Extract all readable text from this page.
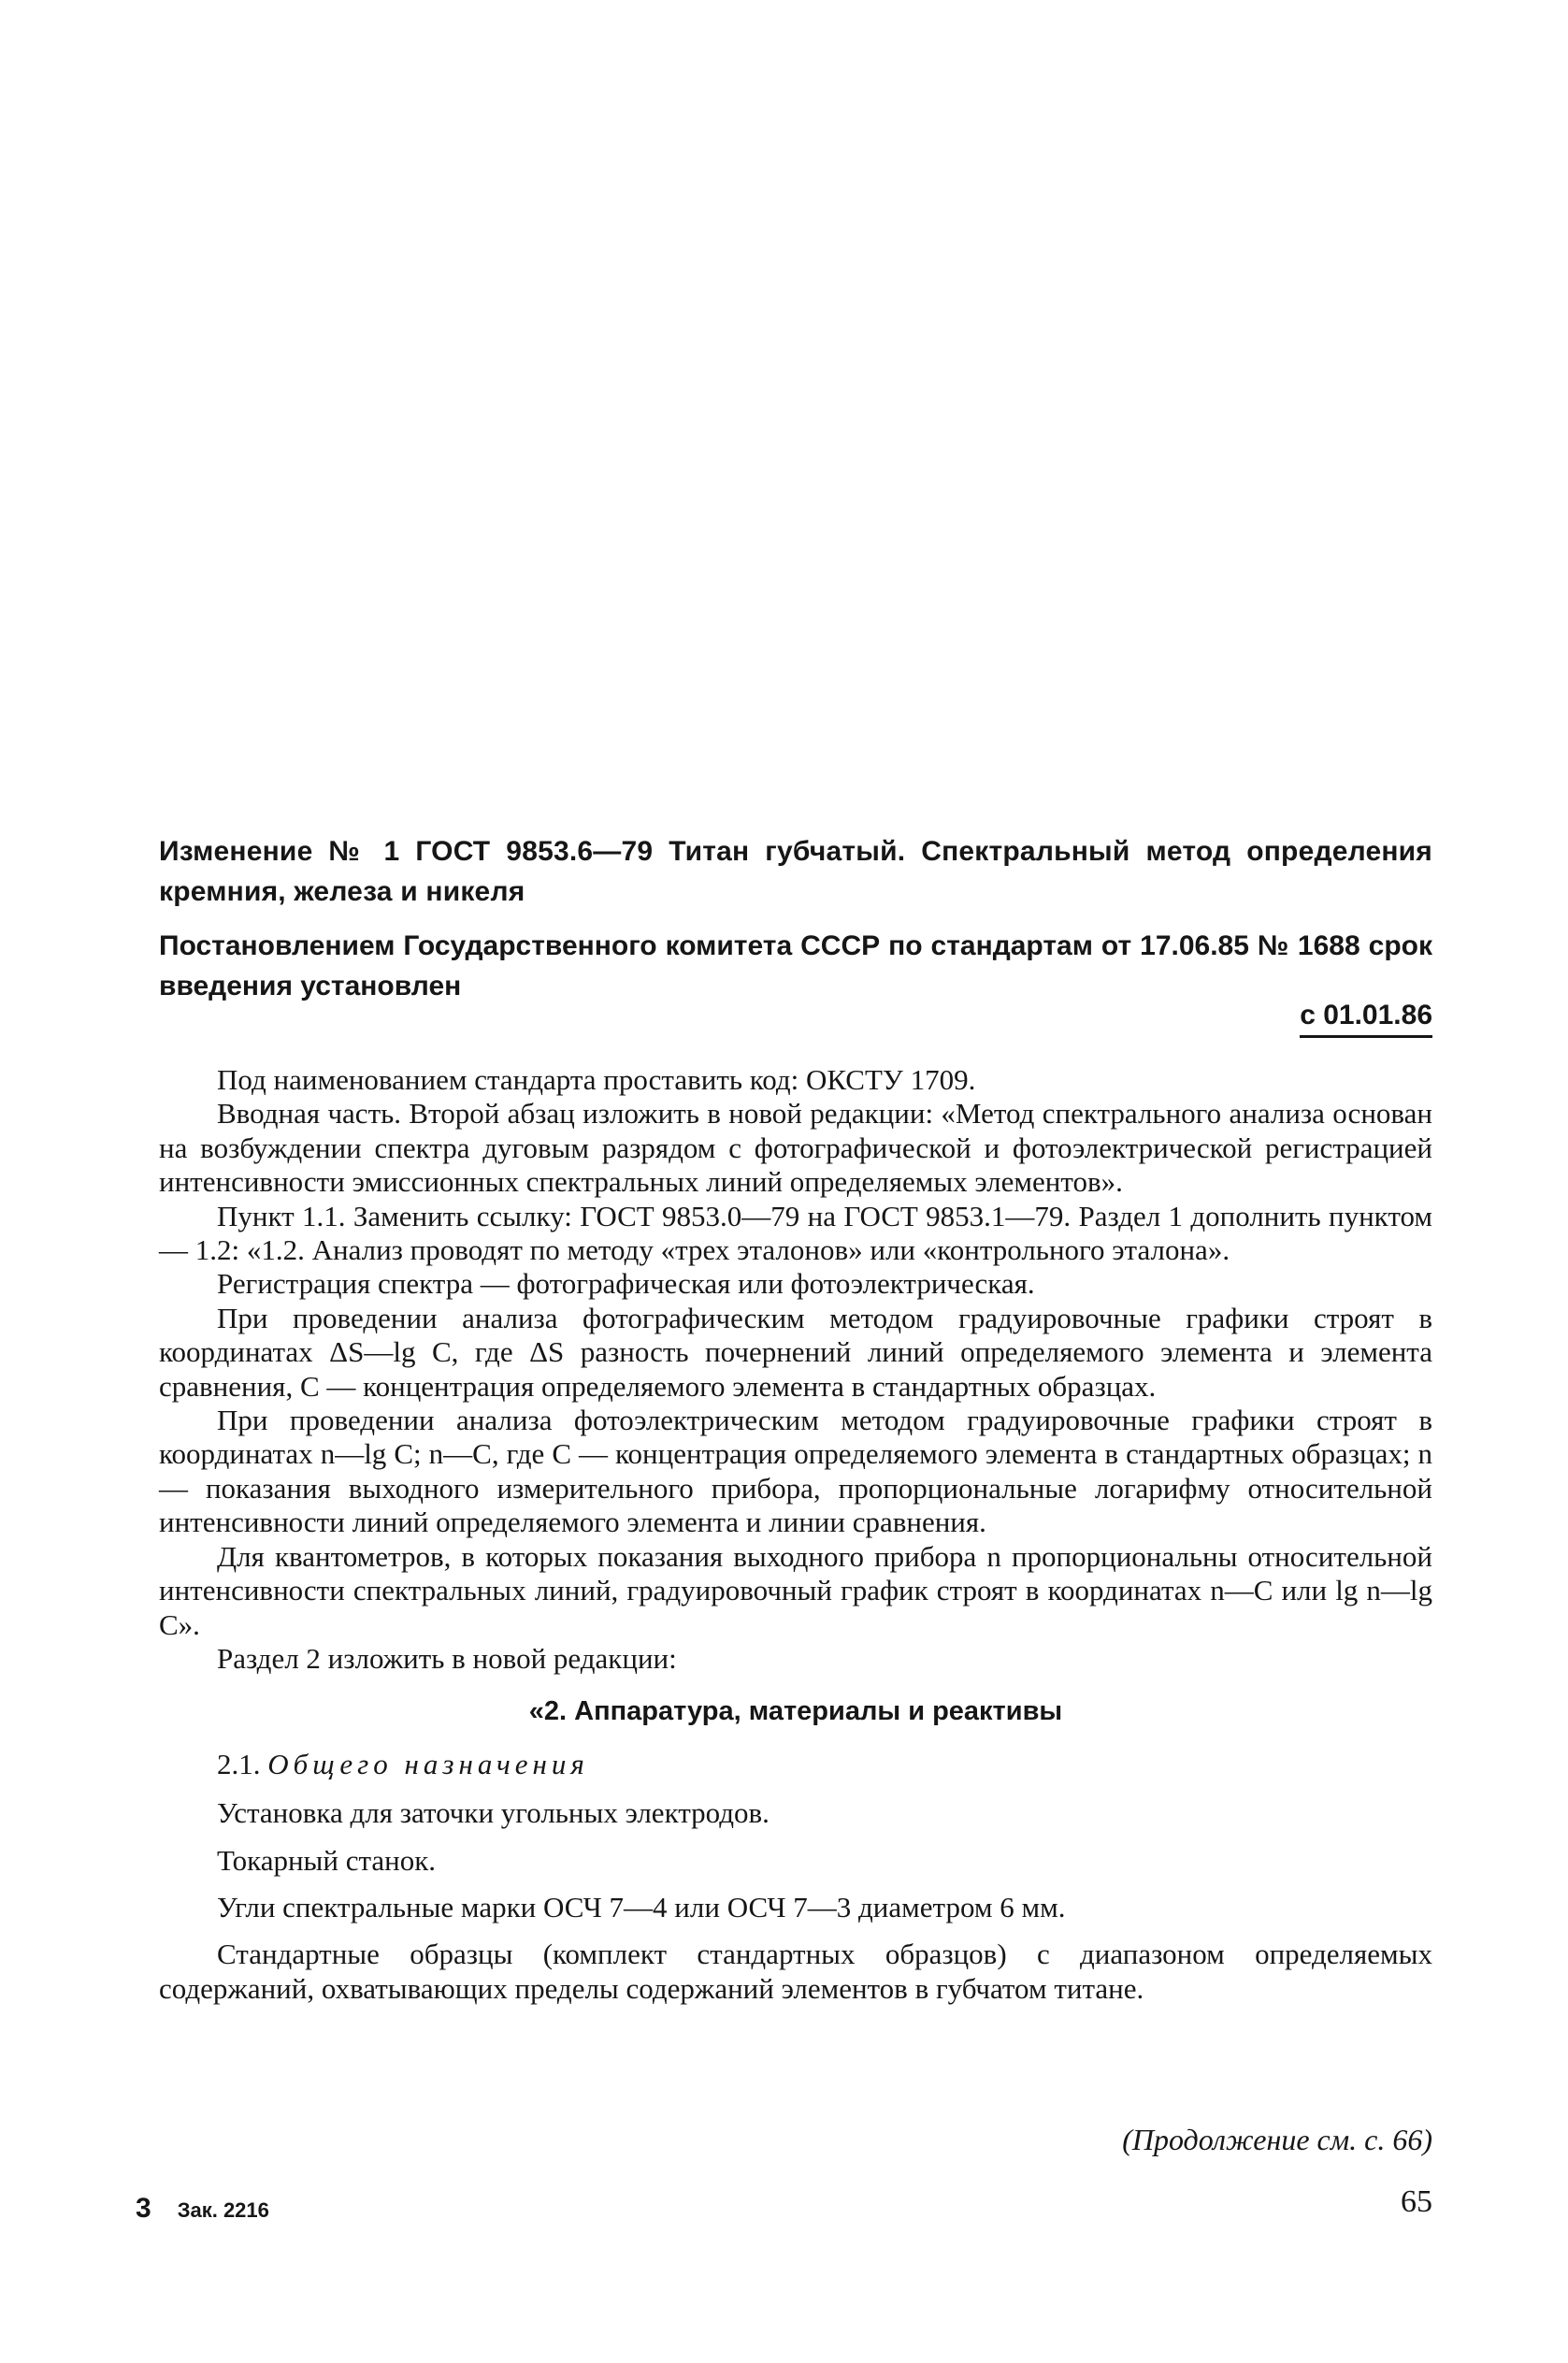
Изменение № 1 ГОСТ 9853.6—79 Титан губчатый. Спектральный метод определения кремния, железа и никеля

Постановлением Государственного комитета СССР по стандартам от 17.06.85 № 1688 срок введения установлен

с 01.01.86

Под наименованием стандарта проставить код: ОКСТУ 1709.

Вводная часть. Второй абзац изложить в новой редакции: «Метод спектрального анализа основан на возбуждении спектра дуговым разрядом с фотографической и фотоэлектрической регистрацией интенсивности эмиссионных спектральных линий определяемых элементов».

Пункт 1.1. Заменить ссылку: ГОСТ 9853.0—79 на ГОСТ 9853.1—79. Раздел 1 дополнить пунктом — 1.2: «1.2. Анализ проводят по методу «трех эталонов» или «контрольного эталона».

Регистрация спектра — фотографическая или фотоэлектрическая.

При проведении анализа фотографическим методом градуировочные графики строят в координатах ΔS—lg C, где ΔS разность почернений линий определяемого элемента и элемента сравнения, C — концентрация определяемого элемента в стандартных образцах.

При проведении анализа фотоэлектрическим методом градуировочные графики строят в координатах n—lg C; n—C, где C — концентрация определяемого элемента в стандартных образцах; n — показания выходного измерительного прибора, пропорциональные логарифму относительной интенсивности линий определяемого элемента и линии сравнения.

Для квантометров, в которых показания выходного прибора n пропорциональны относительной интенсивности спектральных линий, градуировочный график строят в координатах n—C или lg n—lg C».

Раздел 2 изложить в новой редакции:

«2. Аппаратура, материалы и реактивы

2.1. Общего назначения

Установка для заточки угольных электродов.

Токарный станок.

Угли спектральные марки ОСЧ 7—4 или ОСЧ 7—3 диаметром 6 мм.

Стандартные образцы (комплект стандартных образцов) с диапазоном определяемых содержаний, охватывающих пределы содержаний элементов в губчатом титане.

(Продолжение см. с. 66)
3 Зак. 2216	65
